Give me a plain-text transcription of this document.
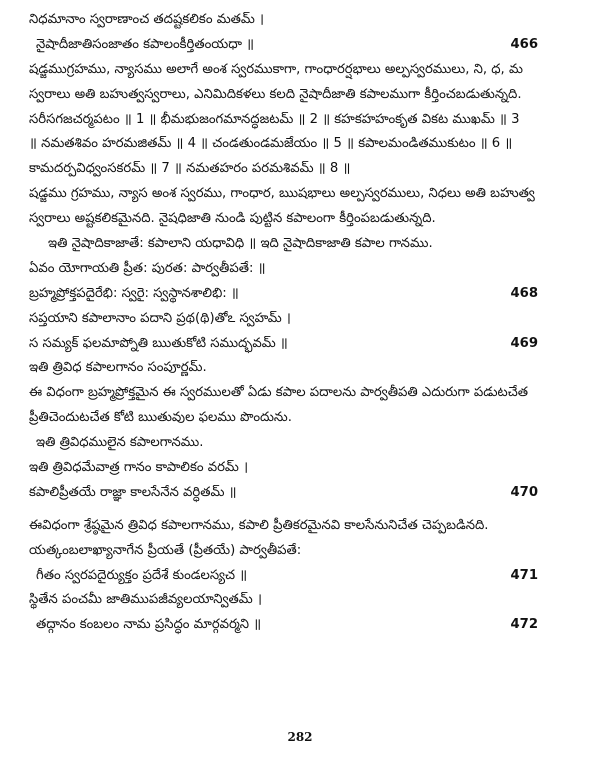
నిధమానాం స్వరాణాంచ తదష్టకలికం మతమ్ ।
నైషాదీజాతిసంజాతం కపాలంకీర్తితంయధా ॥	466
షడ్జముగ్రహము, న్యాసము అలాగే అంశ స్వరముకాగా, గాంధారర్షభాలు అల్పస్వరములు, ని, ధ, మ
స్వరాలు అతి బహుత్వస్వరాలు, ఎనిమిదికళలు కలది నైషాదీజాతి కపాలముగా కీర్తించబడుతున్నది.
సరీసగజచర్మపటం ॥ 1 ॥ భీమభుజంగమానద్ధజటమ్ ॥ 2 ॥ కహకహహంకృత వికట ముఖమ్ ॥ 3
॥ నమతశివం హరమజితమ్ ॥ 4 ॥ చండతుండమజేయం ॥ 5 ॥ కపాలమండితముకుటం ॥ 6 ॥
కామదర్పవిధ్వంసకరమ్ ॥ 7 ॥ నమతహరం పరమశివమ్ ॥ 8 ॥
షడ్జము గ్రహము, న్యాస అంశ స్వరము, గాంధార, ఋషభాలు అల్పస్వరములు, నిధలు అతి బహుత్వ
స్వరాలు అష్టకలికమైనది. నైషధిజాతి నుండి పుట్టిన కపాలంగా కీర్తింపబడుతున్నది.
ఇతి నైషాదికాజాతే: కపాలాని యధావిధి ॥ ఇది నైషాదికాజాతి కపాల గానము.
ఏవం యోగాయతి ప్రీత: పురత: పార్వతీపతే: ॥
బ్రహ్మప్రోక్తపదైరేభి: స్వరై: స్వస్థానశాలిభి: ॥	468
సప్తయాని కపాలానాం పదాని ప్రథ(థి)తోఽ స్వహమ్ ।
స సమ్యక్ ఫలమాప్నోతి ఋతుకోటి సముద్భవమ్ ॥	469
ఇతి త్రివిధ కపాలగానం సంపూర్ణమ్.
ఈ విధంగా బ్రహ్మప్రోక్తమైన ఈ స్వరములతో ఏడు కపాల పదాలను పార్వతీపతి ఎదురుగా పడుటచేత
ప్రీతిచెందుటచేత కోటి ఋతువుల ఫలము పొందును.
ఇతి త్రివిధములైన కపాలగానము.
ఇతి త్రివిధమేవాత్ర గానం కాపాలికం వరమ్ ।
కపాలిప్రీతయే రాజ్ఞా కాలసేనేన వర్ధితమ్ ॥	470
ఈవిధంగా శ్రేష్ఠమైన త్రివిధ కపాలగానము, కపాలి ప్రీతికరమైనవి కాలసేనునిచేత చెప్పబడినది.
యత్కంబలాఖ్యానాగేన ప్రీయతే (ప్రీతయే) పార్వతీపతే:
గీతం స్వరపదైర్యుక్తం ప్రదేశే కుండలస్యచ ॥	471
స్థితేన పంచమీ జాతిముపజీవ్యలయాన్వితమ్ ।
తద్గానం కంబలం నామ ప్రసిద్ధం మార్గవర్మని ॥	472
282
